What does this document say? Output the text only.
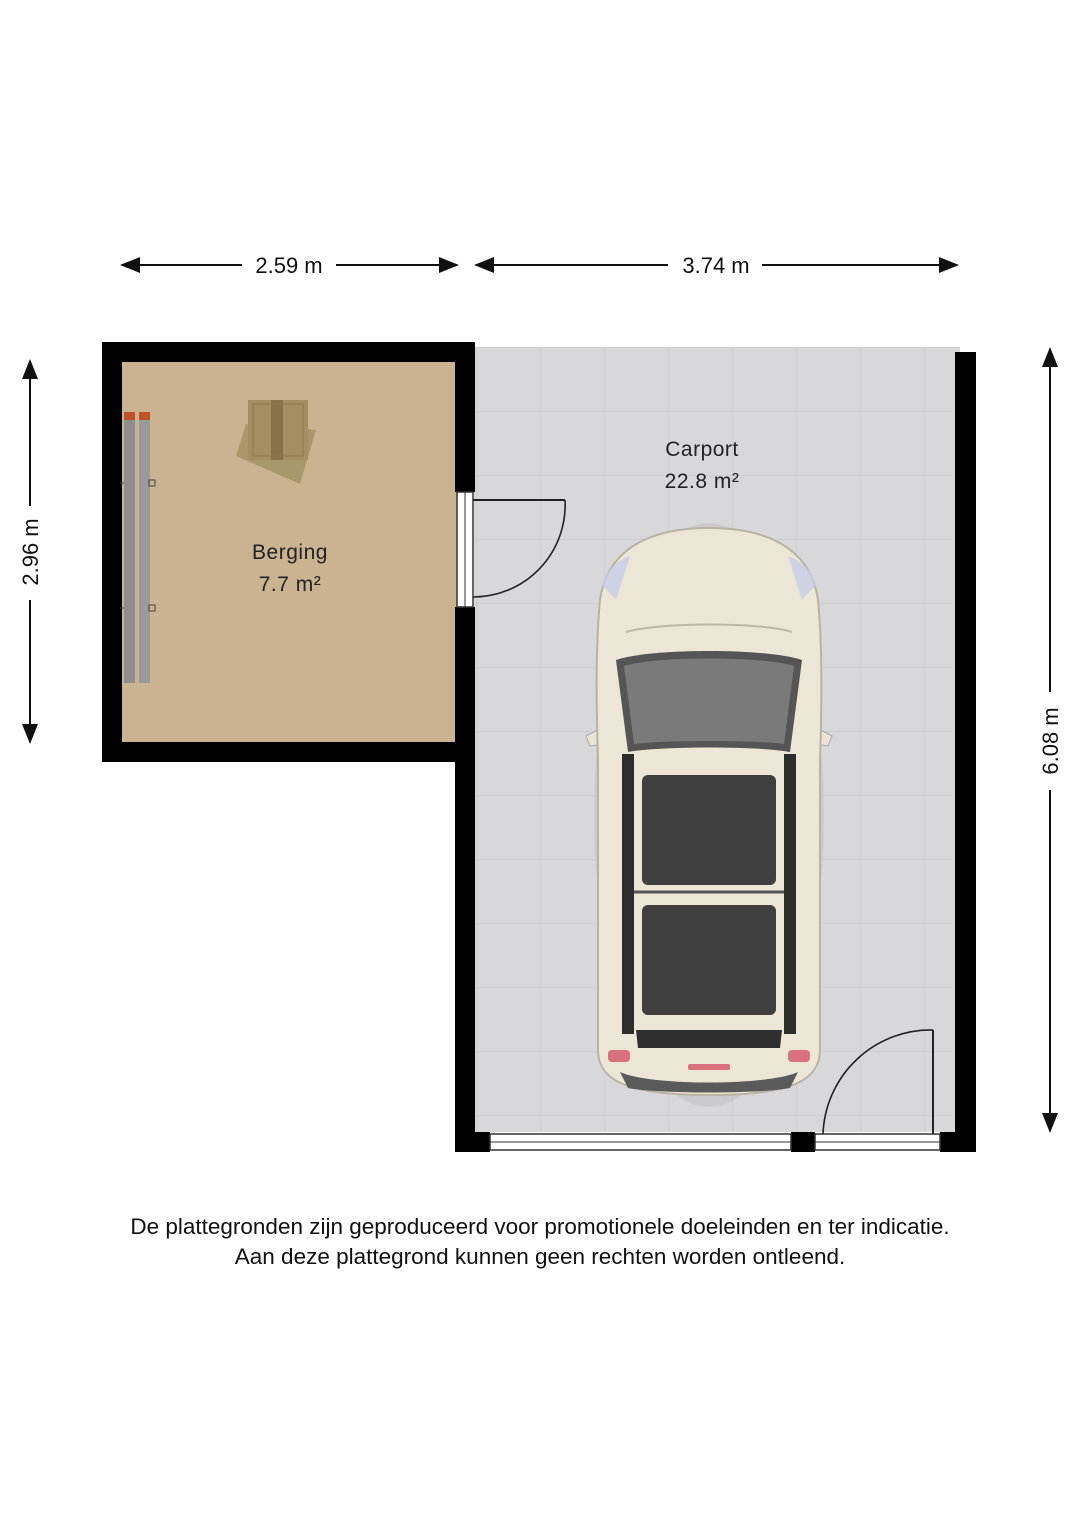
2.59 m	3.74 m
2.96 m
6.08 m
Berging
7.7 m²
Carport
22.8 m²
De plattegronden zijn geproduceerd voor promotionele doeleinden en ter indicatie.
Aan deze plattegrond kunnen geen rechten worden ontleend.
